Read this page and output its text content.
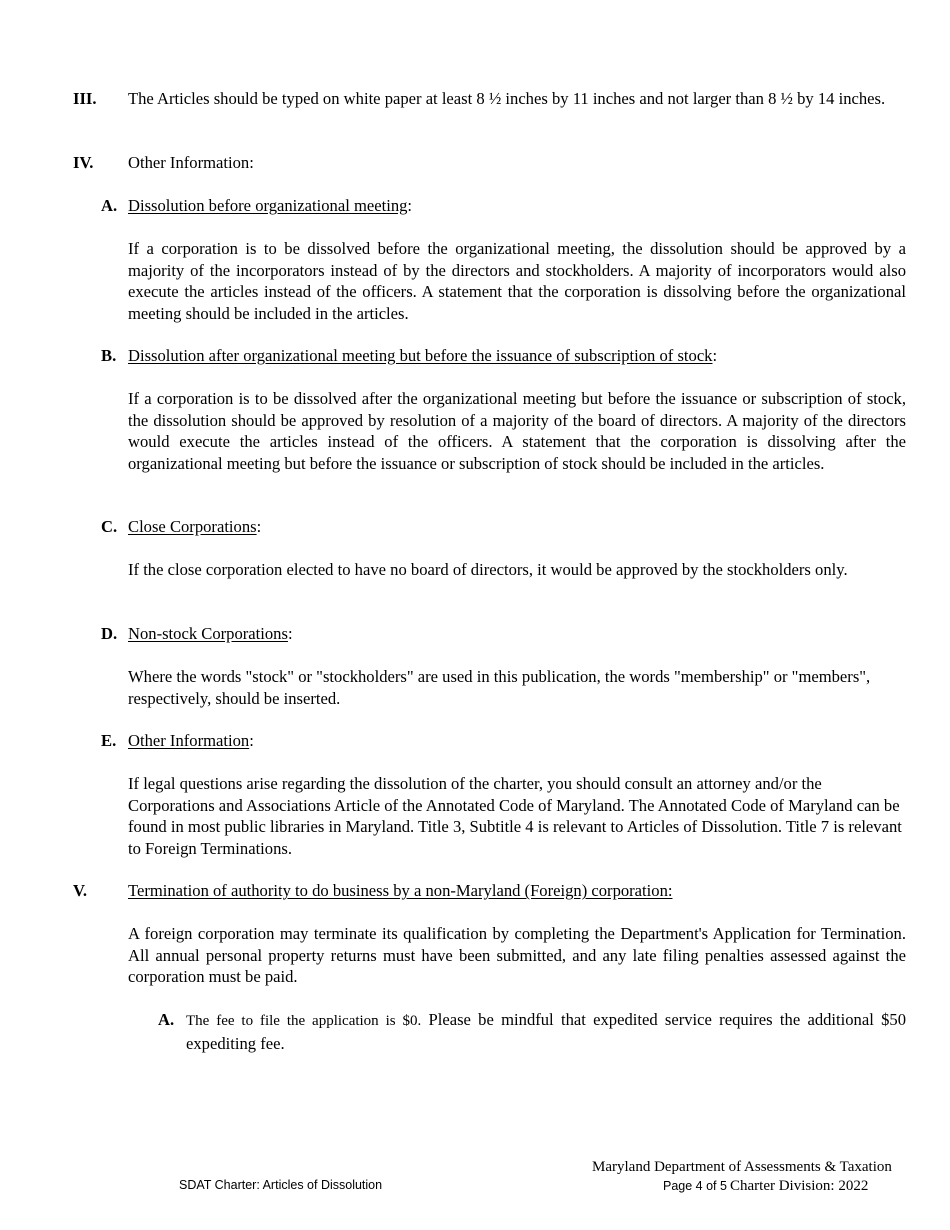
III. The Articles should be typed on white paper at least 8 ½ inches by 11 inches and not larger than 8 ½ by 14 inches.
IV. Other Information:
A. Dissolution before organizational meeting:
If a corporation is to be dissolved before the organizational meeting, the dissolution should be approved by a majority of the incorporators instead of by the directors and stockholders. A majority of incorporators would also execute the articles instead of the officers. A statement that the corporation is dissolving before the organizational meeting should be included in the articles.
B. Dissolution after organizational meeting but before the issuance of subscription of stock:
If a corporation is to be dissolved after the organizational meeting but before the issuance or subscription of stock, the dissolution should be approved by resolution of a majority of the board of directors. A majority of the directors would execute the articles instead of the officers. A statement that the corporation is dissolving after the organizational meeting but before the issuance or subscription of stock should be included in the articles.
C. Close Corporations:
If the close corporation elected to have no board of directors, it would be approved by the stockholders only.
D. Non-stock Corporations:
Where the words "stock" or "stockholders" are used in this publication, the words "membership" or "members", respectively, should be inserted.
E. Other Information:
If legal questions arise regarding the dissolution of the charter, you should consult an attorney and/or the Corporations and Associations Article of the Annotated Code of Maryland. The Annotated Code of Maryland can be found in most public libraries in Maryland. Title 3, Subtitle 4 is relevant to Articles of Dissolution. Title 7 is relevant to Foreign Terminations.
V. Termination of authority to do business by a non-Maryland (Foreign) corporation:
A foreign corporation may terminate its qualification by completing the Department's Application for Termination. All annual personal property returns must have been submitted, and any late filing penalties assessed against the corporation must be paid.
A. The fee to file the application is $0. Please be mindful that expedited service requires the additional $50 expediting fee.
SDAT Charter: Articles of Dissolution
Maryland Department of Assessments & Taxation
Page 4 of 5 Charter Division: 2022
